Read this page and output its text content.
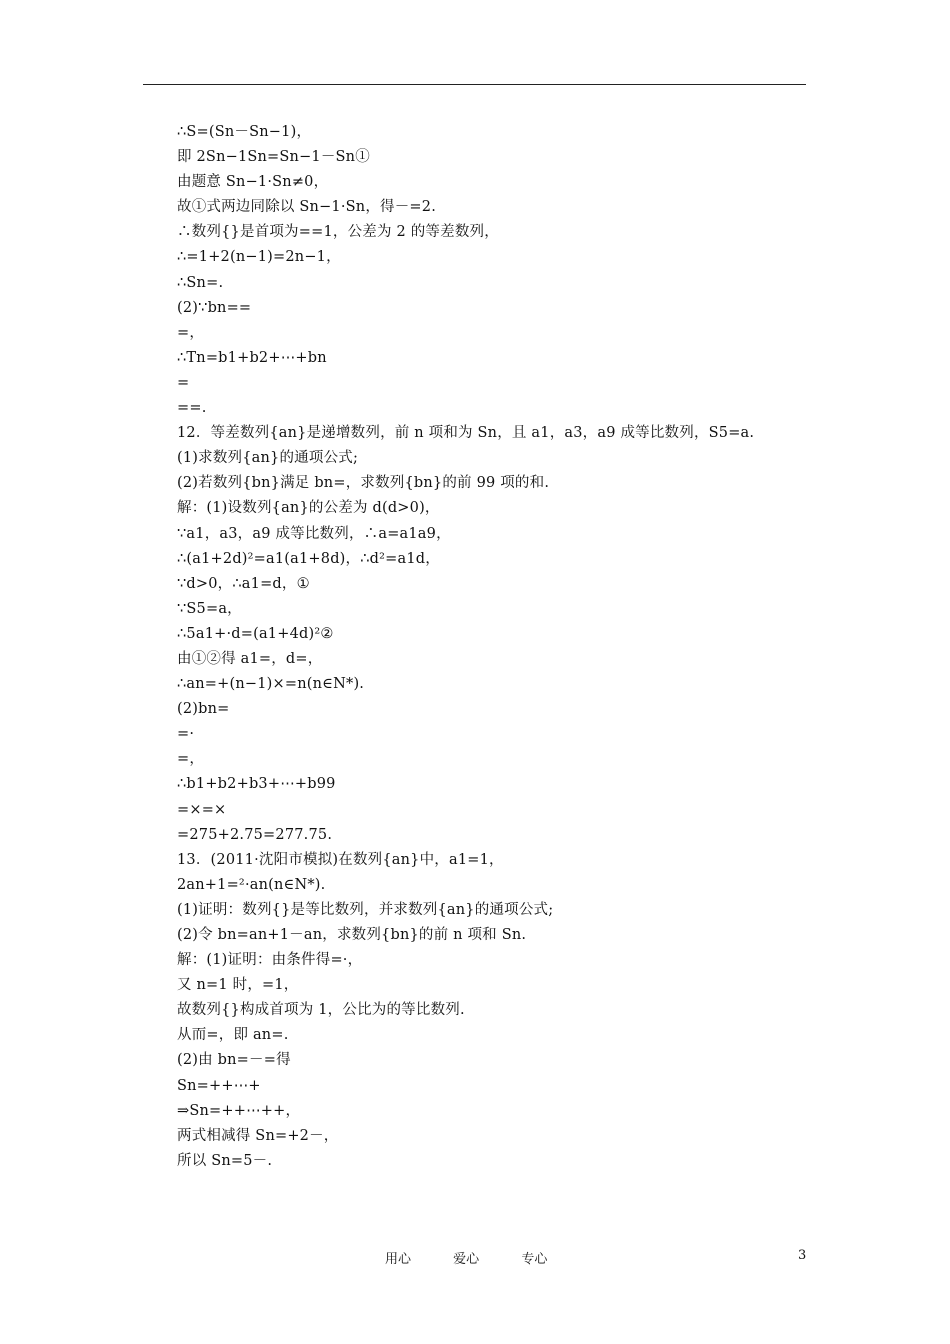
∴S=(Sn－Sn−1)，
即 2Sn−1Sn=Sn−1－Sn①
由题意 Sn−1·Sn≠0，
故①式两边同除以 Sn−1·Sn，得－=2.
∴数列{}是首项为==1，公差为 2 的等差数列，
∴=1+2(n−1)=2n−1，
∴Sn=.
(2)∵bn==
=，
∴Tn=b1+b2+⋯+bn
=
==.
12．等差数列{an}是递增数列，前 n 项和为 Sn，且 a1，a3，a9 成等比数列，S5=a.
(1)求数列{an}的通项公式;
(2)若数列{bn}满足 bn=，求数列{bn}的前 99 项的和.
解：(1)设数列{an}的公差为 d(d>0)，
∵a1，a3，a9 成等比数列，∴a=a1a9，
∴(a1+2d)²=a1(a1+8d)，∴d²=a1d，
∵d>0，∴a1=d，①
∵S5=a，
∴5a1+·d=(a1+4d)²②
由①②得 a1=，d=，
∴an=+(n−1)×=n(n∈N*).
(2)bn=
=·
=，
∴b1+b2+b3+⋯+b99
=×=×
=275+2.75=277.75.
13．(2011·沈阳市模拟)在数列{an}中，a1=1，
2an+1=²·an(n∈N*).
(1)证明：数列{}是等比数列，并求数列{an}的通项公式;
(2)令 bn=an+1－an，求数列{bn}的前 n 项和 Sn.
解：(1)证明：由条件得=·，
又 n=1 时，=1，
故数列{}构成首项为 1，公比为的等比数列.
从而=，即 an=.
(2)由 bn=－=得
Sn=++⋯+
⇒Sn=++⋯++，
两式相减得 Sn=+2－，
所以 Sn=5－.
用心	爱心	专心	3
